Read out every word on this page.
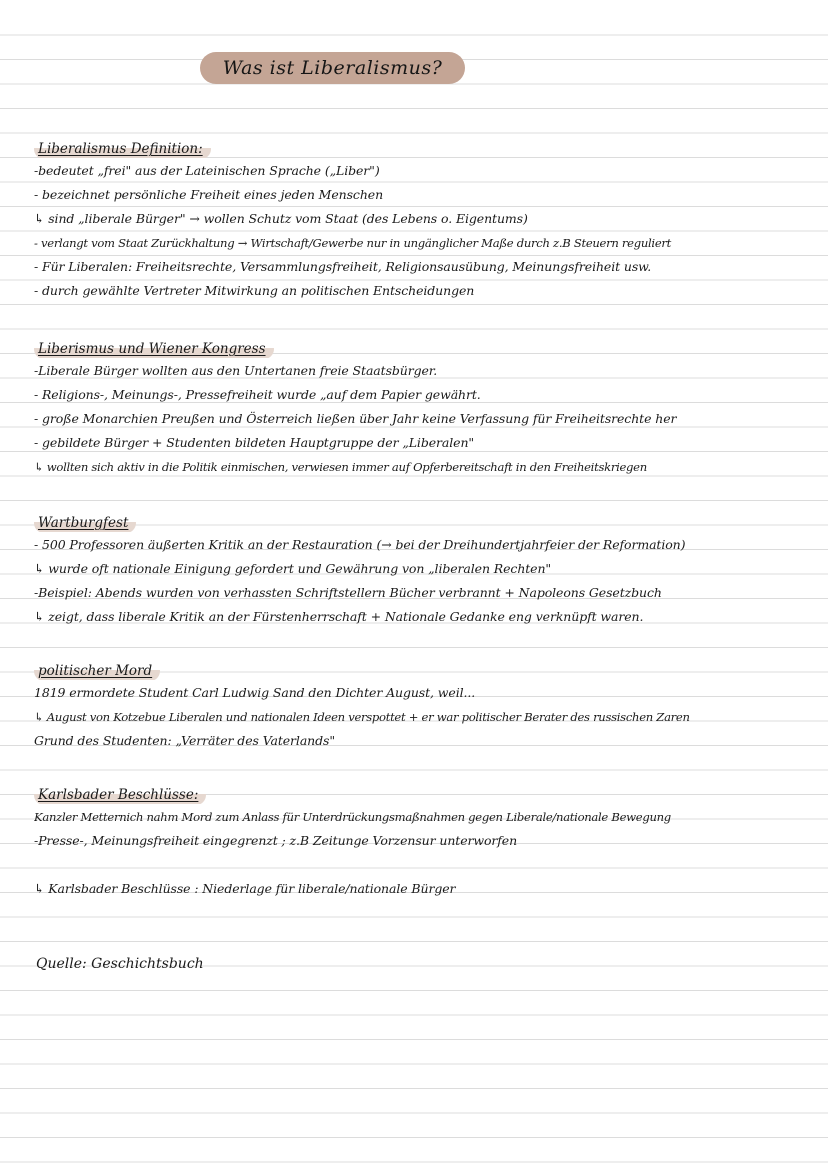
Was ist Liberalismus?
Liberalismus Definition:
-bedeutet „frei" aus der Lateinischen Sprache („Liber")
- bezeichnet persönliche Freiheit eines jeden Menschen
↳ sind „liberale Bürger" → wollen Schutz vom Staat (des Lebens o. Eigentums)
- verlangt vom Staat Zurückhaltung → Wirtschaft/Gewerbe nur in ungänglicher Maße durch z.B Steuern reguliert
- Für Liberalen: Freiheitsrechte, Versammlungsfreiheit, Religionsausübung, Meinungsfreiheit usw.
- durch gewählte Vertreter Mitwirkung an politischen Entscheidungen
Liberismus und Wiener Kongress
-Liberale Bürger wollten aus den Untertanen freie Staatsbürger.
- Religions-, Meinungs-, Pressefreiheit wurde „auf dem Papier gewährt.
- große Monarchien Preußen und Österreich ließen über Jahr keine Verfassung für Freiheitsrechte her
- gebildete Bürger + Studenten bildeten Hauptgruppe der „Liberalen"
↳ wollten sich aktiv in die Politik einmischen, verwiesen immer auf Opferbereitschaft in den Freiheitskriegen
Wartburgfest
- 500 Professoren äußerten Kritik an der Restauration (→ bei der Dreihundertjahrfeier der Reformation)
↳ wurde oft nationale Einigung gefordert und Gewährung von „liberalen Rechten"
-Beispiel: Abends wurden von verhassten Schriftstellern Bücher verbrannt + Napoleons Gesetzbuch
↳ zeigt, dass liberale Kritik an der Fürstenherrschaft + Nationale Gedanke eng verknüpft waren.
politischer Mord
1819 ermordete Student Carl Ludwig Sand den Dichter August, weil...
↳ August von Kotzebue Liberalen und nationalen Ideen verspottet + er war politischer Berater des russischen Zaren
Grund des Studenten: „Verräter des Vaterlands"
Karlsbader Beschlüsse:
Kanzler Metternich nahm Mord zum Anlass für Unterdrückungsmaßnahmen gegen Liberale/nationale Bewegung
-Presse-, Meinungsfreiheit eingegrenzt ; z.B Zeitunge Vorzensur unterworfen
↳ Karlsbader Beschlüsse : Niederlage für liberale/nationale Bürger
Quelle: Geschichtsbuch
